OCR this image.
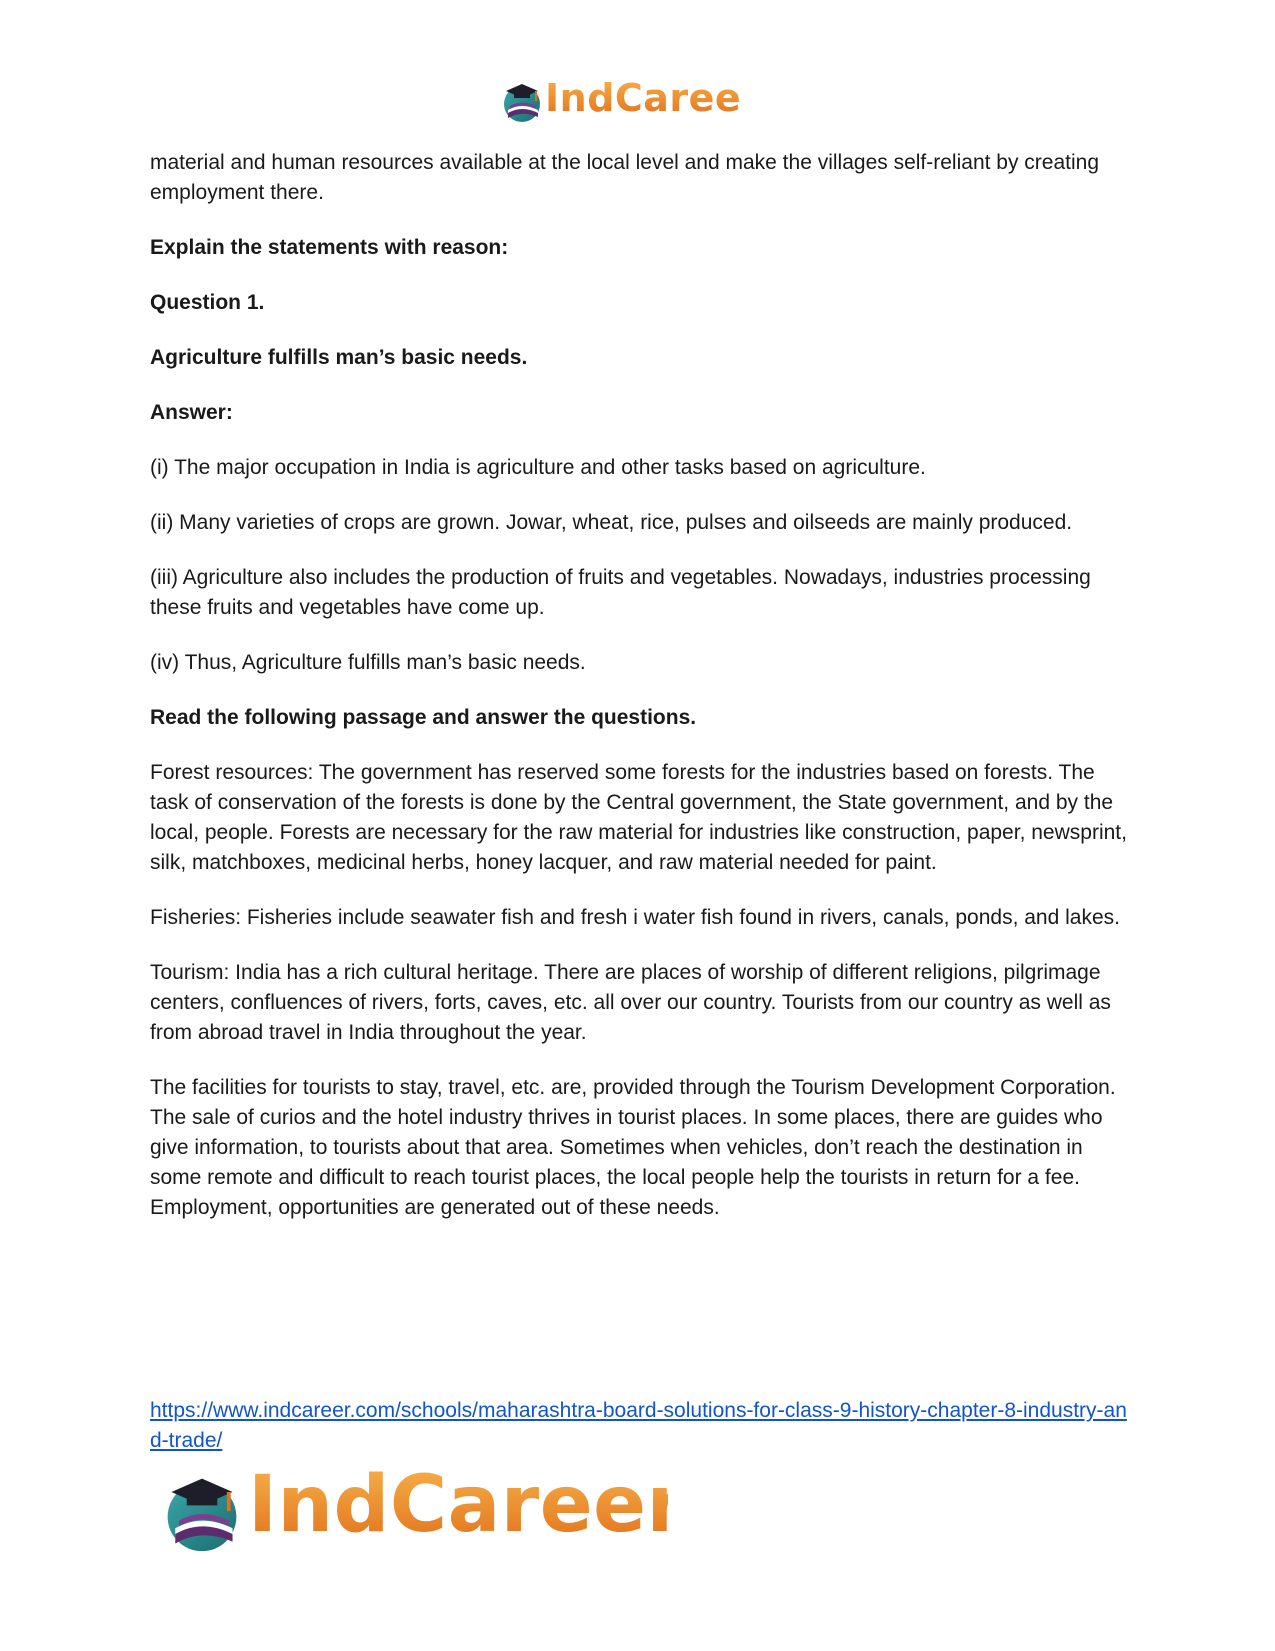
IndCareer

material and human resources available at the local level and make the villages self-reliant by creating employment there.

Explain the statements with reason:

Question 1.

Agriculture fulfills man’s basic needs.

Answer:

(i) The major occupation in India is agriculture and other tasks based on agriculture.

(ii) Many varieties of crops are grown. Jowar, wheat, rice, pulses and oilseeds are mainly produced.

(iii) Agriculture also includes the production of fruits and vegetables. Nowadays, industries processing these fruits and vegetables have come up.

(iv) Thus, Agriculture fulfills man’s basic needs.

Read the following passage and answer the questions.

Forest resources: The government has reserved some forests for the industries based on forests. The task of conservation of the forests is done by the Central government, the State government, and by the local, people. Forests are necessary for the raw material for industries like construction, paper, newsprint, silk, matchboxes, medicinal herbs, honey lacquer, and raw material needed for paint.

Fisheries: Fisheries include seawater fish and fresh i water fish found in rivers, canals, ponds, and lakes.

Tourism: India has a rich cultural heritage. There are places of worship of different religions, pilgrimage centers, confluences of rivers, forts, caves, etc. all over our country. Tourists from our country as well as from abroad travel in India throughout the year.

The facilities for tourists to stay, travel, etc. are, provided through the Tourism Development Corporation. The sale of curios and the hotel industry thrives in tourist places. In some places, there are guides who give information, to tourists about that area. Sometimes when vehicles, don’t reach the destination in some remote and difficult to reach tourist places, the local people help the tourists in return for a fee. Employment, opportunities are generated out of these needs.

https://www.indcareer.com/schools/maharashtra-board-solutions-for-class-9-history-chapter-8-industry-and-trade/
IndCareer
